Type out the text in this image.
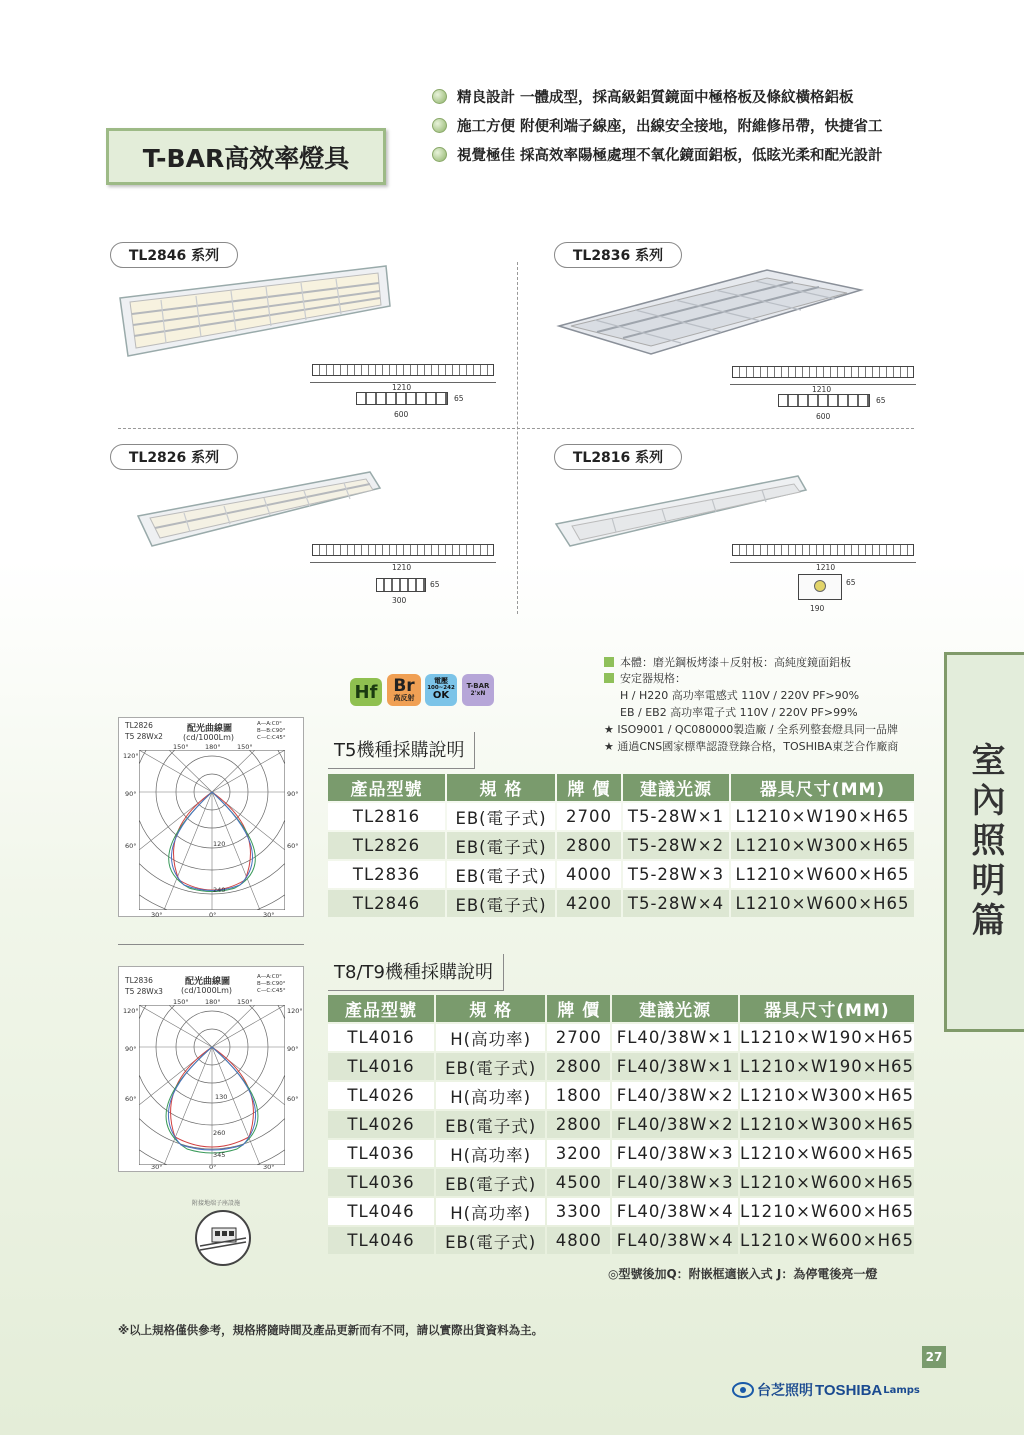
T-BAR高效率燈具
精良設計 一體成型，採高級鋁質鏡面中極格板及條紋橫格鋁板
施工方便 附便利端子線座，出線安全接地，附維修吊帶，快捷省工
視覺極佳 採高效率陽極處理不氧化鏡面鋁板，低眩光柔和配光設計
TL2846 系列	TL2836 系列
TL2826 系列	TL2816 系列
1210
65
600
1210
65
600
1210
65
300
1210
65
190
Hf Br
高反射
電壓
100~242
OK
T-BAR
2'xN
本體：磨光鋼板烤漆＋反射板：高純度鏡面鋁板
安定器規格：
H / H220 高功率電感式 110V / 220V PF>90%
EB / EB2 高功率電子式 110V / 220V PF>99%
★ ISO9001 / QC080000製造廠 / 全系列整套燈具同一品牌
★ 通過CNS國家標準認證登錄合格，TOSHIBA東芝合作廠商
TL2826
T5 28Wx2
配光曲線圖
(cd/1000Lm)
A—A:C0°
B—B:C90°
C—C:C45°
150°	180°	150°
120°
90°
60°
90°
60°
120
240
30°	0°	30°
TL2836
T5 28Wx3
配光曲線圖
(cd/1000Lm)
A—A:C0°
B—B:C90°
C—C:C45°
150°	180°	150°
120°	120°
90°
60°
90°
60°
130
260
345
30°	0°	30°
附接地端子座設施
T5機種採購說明
產品型號	規 格	牌 價	建議光源	器具尺寸(MM)
TL2816	EB(電子式)	2700	T5-28W×1	L1210×W190×H65
TL2826	EB(電子式)	2800	T5-28W×2	L1210×W300×H65
TL2836	EB(電子式)	4000	T5-28W×3	L1210×W600×H65
TL2846	EB(電子式)	4200	T5-28W×4	L1210×W600×H65
T8/T9機種採購說明
產品型號	規 格	牌 價	建議光源	器具尺寸(MM)
TL4016	H(高功率)	2700	FL40/38W×1	L1210×W190×H65
TL4016	EB(電子式)	2800	FL40/38W×1	L1210×W190×H65
TL4026	H(高功率)	1800	FL40/38W×2	L1210×W300×H65
TL4026	EB(電子式)	2800	FL40/38W×2	L1210×W300×H65
TL4036	H(高功率)	3200	FL40/38W×3	L1210×W600×H65
TL4036	EB(電子式)	4500	FL40/38W×3	L1210×W600×H65
TL4046	H(高功率)	3300	FL40/38W×4	L1210×W600×H65
TL4046	EB(電子式)	4800	FL40/38W×4	L1210×W600×H65
◎型號後加Q：附嵌框適嵌入式 J：為停電後亮一燈
※以上規格僅供參考，規格將隨時間及產品更新而有不同，請以實際出貨資料為主。
室內照明篇
27
台芝照明 TOSHIBA Lamps
